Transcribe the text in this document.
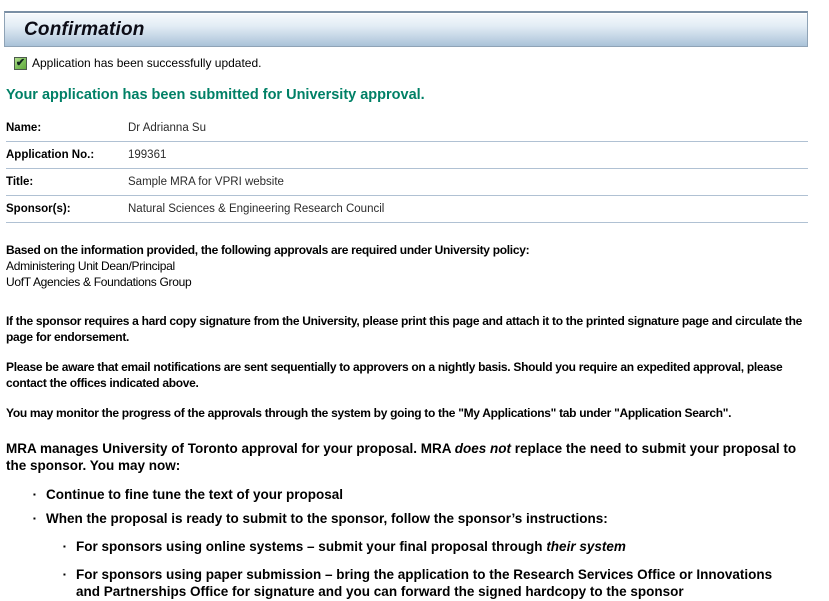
Confirmation
✔ Application has been successfully updated.
Your application has been submitted for University approval.
Name:	Dr Adrianna Su
Application No.:	199361
Title:	Sample MRA for VPRI website
Sponsor(s):	Natural Sciences & Engineering Research Council
Based on the information provided, the following approvals are required under University policy:
Administering Unit Dean/Principal
UofT Agencies & Foundations Group
If the sponsor requires a hard copy signature from the University, please print this page and attach it to the printed signature page and circulate the page for endorsement.
Please be aware that email notifications are sent sequentially to approvers on a nightly basis. Should you require an expedited approval, please contact the offices indicated above.
You may monitor the progress of the approvals through the system by going to the "My Applications" tab under "Application Search".
MRA manages University of Toronto approval for your proposal. MRA does not replace the need to submit your proposal to the sponsor. You may now:
▪ Continue to fine tune the text of your proposal
▪ When the proposal is ready to submit to the sponsor, follow the sponsor’s instructions:
▪ For sponsors using online systems – submit your final proposal through their system
▪ For sponsors using paper submission – bring the application to the Research Services Office or Innovations and Partnerships Office for signature and you can forward the signed hardcopy to the sponsor
